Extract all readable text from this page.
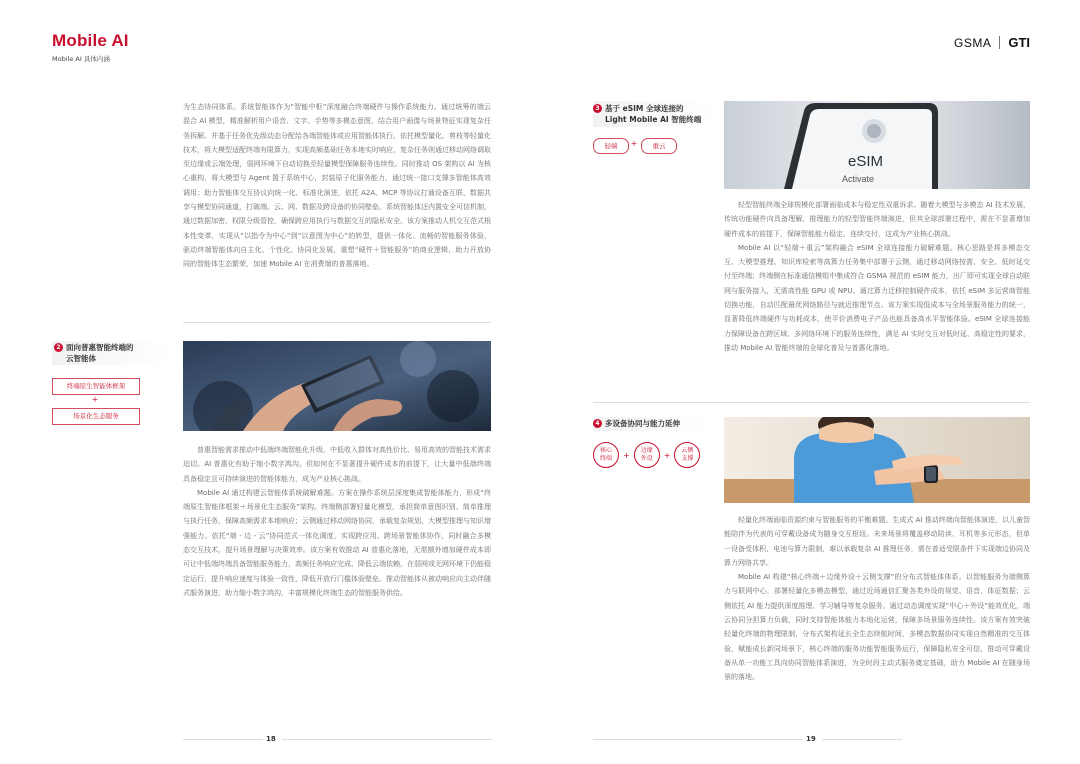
Mobile AI
Mobile AI 具体内涵
GSMA GTI

为生态协同体系。系统智能体作为“智能中枢”深度融合终端硬件与操作系统能力。通过统筹的端云混合 AI 模型，精准解析用户语音、文字、手势等多模态意图，结合用户画像与场景特征实现复杂任务拆解。并基于任务优先级动态分配给各端智能体或应用智能体执行。依托模型量化、剪枝等轻量化技术，将大模型适配终端有限算力，实现高频基础任务本地实时响应，复杂任务则通过移动网络调取至边缘或云端处理，弱网环境下自动切换至轻量模型保障服务连续性。同时推动 OS 架构以 AI 为核心重构，将大模型与 Agent 置于系统中心，封装原子化服务能力，通过统一接口支撑多智能体高效调用；助力智能体交互协议向统一化、标准化演进，依托 A2A、MCP 等协议打通设备互联、数据共享与模型协同通道，打破端、云、网、数据及跨设备的协同壁垒。系统智能体还内置安全可信机制，通过数据加密、权限分级管控，确保跨应用执行与数据交互的隐私安全。该方案推动人机交互范式根本性变革，实现从“以指令为中心”到“以意图为中心”的转型，提供一体化、流畅的智能服务体验，驱动终端智能体向自主化、个性化、协同化发展，重塑“硬件＋智能服务”的商业逻辑，助力开放协同的智能体生态繁荣，加速 Mobile AI 在消费端的普惠落地。

2 面向普惠智能终端的
云智能体
终端原生智能体框架
+
场景化生态服务

普惠智能需求推动中低端终端智能化升级。中低收入群体对高性价比、易用高效的智能技术需求迫切。AI 普惠化有助于缩小数字鸿沟。但如何在不显著提升硬件成本的前提下，让大量中低端终端具备稳定且可持续演进的智能体能力，成为产业核心挑战。

Mobile AI 通过构建云智能体系统破解难题。方案在操作系统层深度集成智能体能力，形成“终端原生智能体框架＋场景化生态服务”架构。终端侧部署轻量化模型，承担简单意图识别、简单推理与执行任务，保障高频需求本地响应；云侧通过移动网络协同，承载复杂规划、大模型推理与知识增强能力。依托“端 - 边 - 云”协同范式一体化调度，实现跨应用、跨场景智能体协作，同时融合多模态交互技术，提升场景理解与决策效率。该方案有效推动 AI 普惠化落地，无需额外增加硬件成本即可让中低端终端具备智能服务能力，高频任务响应完成、降低云端依赖，在弱网或无网环境下仍能稳定运行，提升响应速度与体验一致性，降低开放行门槛体验壁垒。推动智能体从被动响应向主动伴随式服务演进，助力缩小数字鸿沟，丰富规模化终端生态的智能服务供给。

18
3 基于 eSIM 全球连接的
Light Mobile AI 智能终端
轻端	+	重云
eSIM
Activate

轻型智能终端全球规模化部署面临成本与稳定性双重诉求。随着大模型与多模态 AI 技术发展，传统功能硬件向具备理解、推理能力的轻型智能终端演进，但其全球部署过程中，需在不显著增加硬件成本的前提下，保障智能能力稳定、连续交付，这成为产业核心挑战。

Mobile AI 以“轻端＋重云”架构融合 eSIM 全球连接能力破解难题。核心思路是将多模态交互、大模型推理、知识库检索等高算力任务集中部署于云侧，通过移动网络按需、安全、低时延交付至终端；终端侧在标准通信模组中集成符合 GSMA 规范的 eSIM 能力，出厂即可实现全球自动联网与服务接入，无需高性能 GPU 或 NPU。通过算力迁移控制硬件成本，依托 eSIM 多运营商智能切换功能，自动匹配最优网络路径与就近推理节点。该方案实现低成本与全场景服务能力的统一，显著降低终端硬件与功耗成本，使平价消费电子产品也能具备高水平智能体验。eSIM 全球连接能力保障设备在跨区域、多网络环境下的服务连续性，满足 AI 实时交互对低时延、高稳定性的要求，推动 Mobile AI 智能终端的全球化普及与普惠化落地。

4 多设备协同与能力延伸
核心
终端 + 边缘
外设 + 云侧
支撑

轻量化终端面临资源约束与智能服务的平衡难题。生成式 AI 推动终端向智能体演进，以儿童智能陪伴为代表的可穿戴设备成为随身交互枢纽。未来场景将覆盖移动陪读、耳机等多元形态，但单一设备受体积、电池与算力限制，难以承载复杂 AI 推理任务，需在普适受限条件下实现端边协同及算力网络共享。

Mobile AI 构建“核心终端＋边缘外设＋云侧支撑”的分布式智能体体系。以智能服务为端侧算力与联网中心，部署轻量化多模态模型，通过近场通信汇聚各类外设的视觉、语音、体征数据；云侧依托 AI 能力提供深度推理、学习辅导等复杂服务。通过动态调度实现“中心＋外设”能效优化，端云协同分担算力负载，同时支持智能体能力本地化运营，保障多场景服务连续性。该方案有效突破轻量化终端的物理限制，分布式架构延长全生态续航时间，多模态数据协同实现自然精准的交互体验，赋能成长新同场景下，核心终端的服务功能智能服务运行，保障隐私安全可信，推动可穿戴设备从单一功能工具向协同智能体系演进，为全时段主动式服务奠定基础，助力 Mobile AI 在随身场景的落地。

19
